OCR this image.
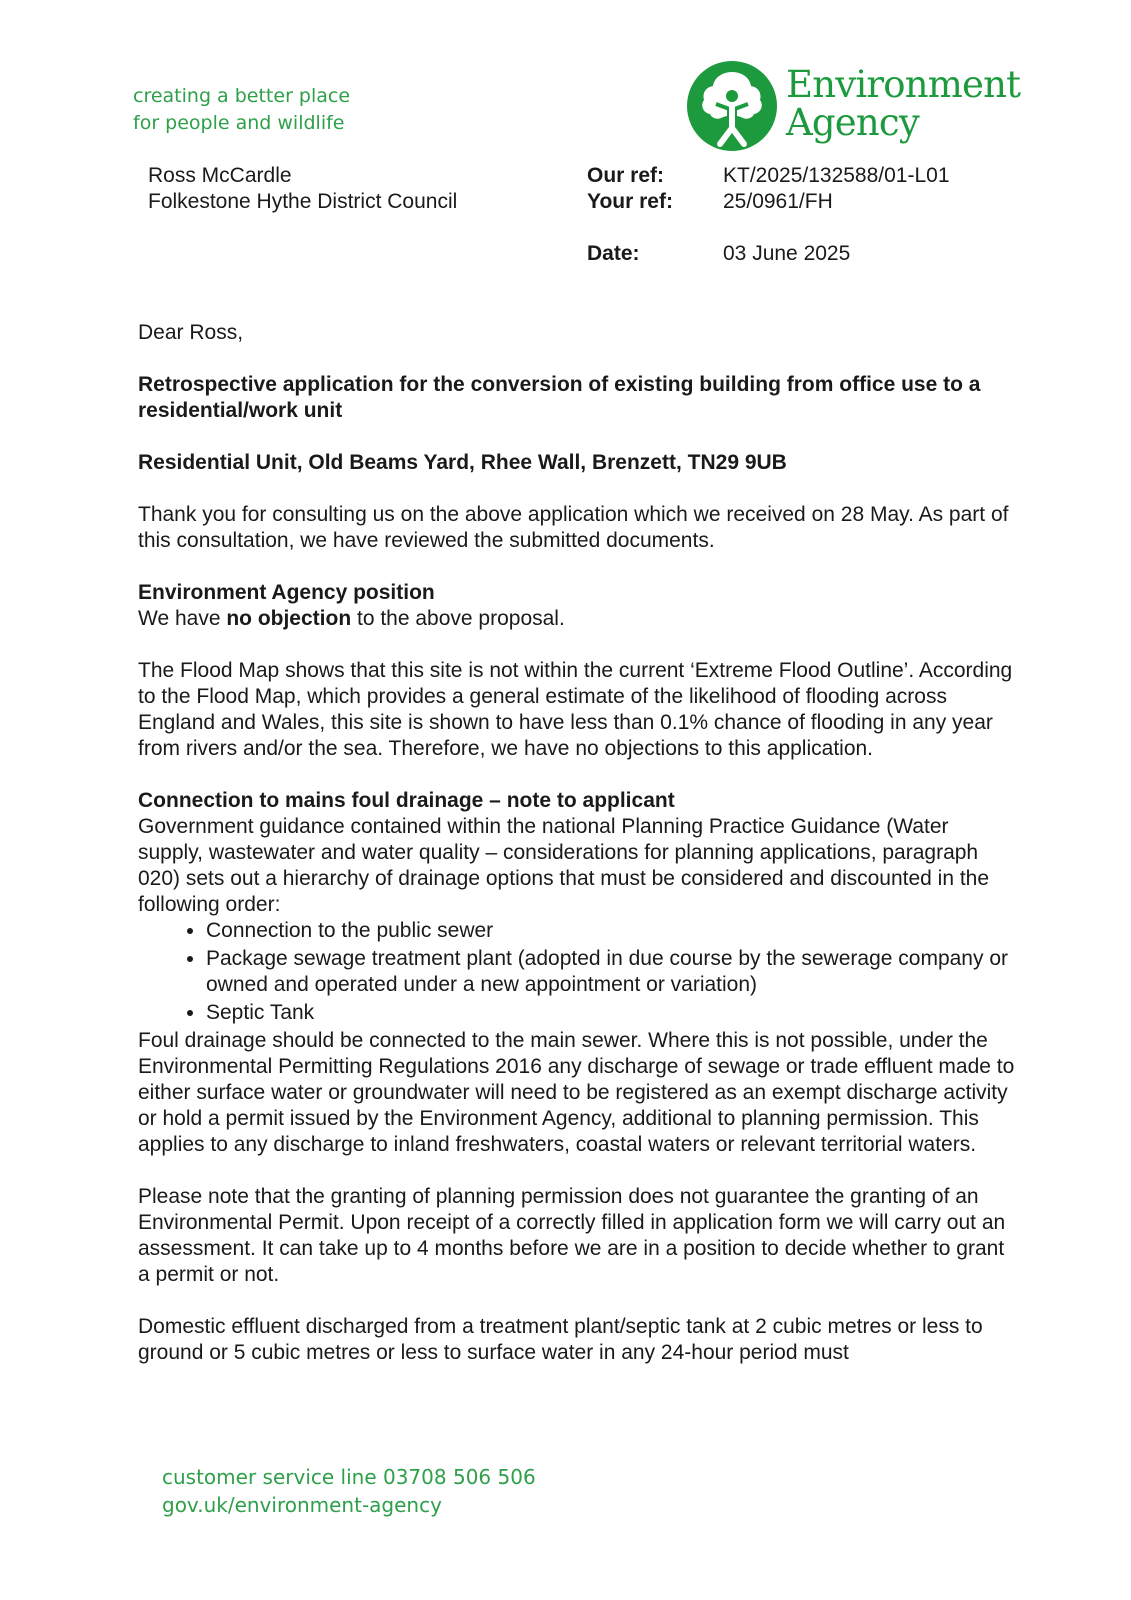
creating a better place
for people and wildlife
Environment
Agency
Ross McCardle
Folkestone Hythe District Council
Our ref:	KT/2025/132588/01-L01
Your ref:	25/0961/FH
Date:	03 June 2025

Dear Ross,

Retrospective application for the conversion of existing building from office use to a residential/work unit

Residential Unit, Old Beams Yard, Rhee Wall, Brenzett, TN29 9UB

Thank you for consulting us on the above application which we received on 28 May. As part of this consultation, we have reviewed the submitted documents.

Environment Agency position

We have no objection to the above proposal.

The Flood Map shows that this site is not within the current ‘Extreme Flood Outline’. According to the Flood Map, which provides a general estimate of the likelihood of flooding across England and Wales, this site is shown to have less than 0.1% chance of flooding in any year from rivers and/or the sea. Therefore, we have no objections to this application.

Connection to mains foul drainage – note to applicant

Government guidance contained within the national Planning Practice Guidance (Water supply, wastewater and water quality – considerations for planning applications, paragraph 020) sets out a hierarchy of drainage options that must be considered and discounted in the following order:

• Connection to the public sewer
• Package sewage treatment plant (adopted in due course by the sewerage company or owned and operated under a new appointment or variation)
• Septic Tank

Foul drainage should be connected to the main sewer. Where this is not possible, under the Environmental Permitting Regulations 2016 any discharge of sewage or trade effluent made to either surface water or groundwater will need to be registered as an exempt discharge activity or hold a permit issued by the Environment Agency, additional to planning permission. This applies to any discharge to inland freshwaters, coastal waters or relevant territorial waters.

Please note that the granting of planning permission does not guarantee the granting of an Environmental Permit. Upon receipt of a correctly filled in application form we will carry out an assessment. It can take up to 4 months before we are in a position to decide whether to grant a permit or not.

Domestic effluent discharged from a treatment plant/septic tank at 2 cubic metres or less to ground or 5 cubic metres or less to surface water in any 24-hour period must

customer service line 03708 506 506
gov.uk/environment-agency
